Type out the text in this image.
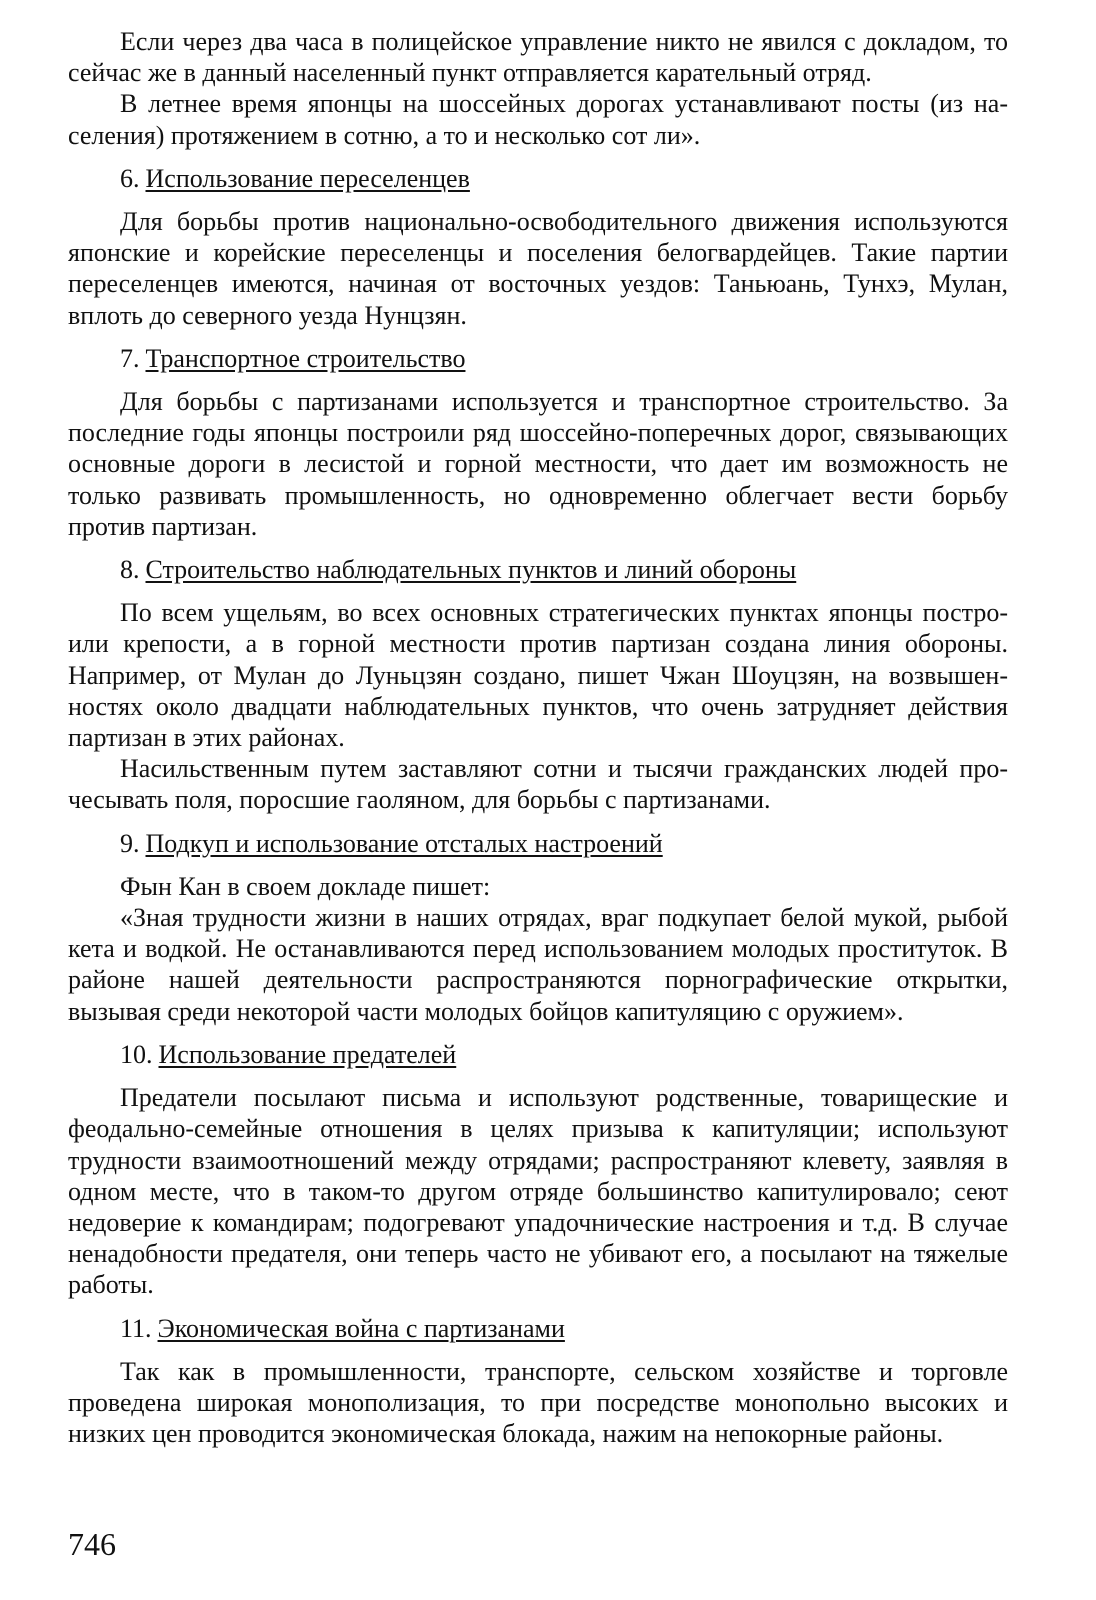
Если через два часа в полицейское управление никто не явился с докладом, то сейчас же в данный населенный пункт отправляется карательный отряд.

В летнее время японцы на шоссейных дорогах устанавливают посты (из населения) протяжением в сотню, а то и несколько сот ли».

6. Использование переселенцев

Для борьбы против национально-освободительного движения используются японские и корейские переселенцы и поселения белогвардейцев. Такие партии переселенцев имеются, начиная от восточных уездов: Таньюань, Тунхэ, Мулан, вплоть до северного уезда Нунцзян.

7. Транспортное строительство

Для борьбы с партизанами используется и транспортное строительство. За последние годы японцы построили ряд шоссейно-поперечных дорог, связывающих основные дороги в лесистой и горной местности, что дает им возможность не только развивать промышленность, но одновременно облегчает вести борьбу против партизан.

8. Строительство наблюдательных пунктов и линий обороны

По всем ущельям, во всех основных стратегических пунктах японцы построили крепости, а в горной местности против партизан создана линия обороны. Например, от Мулан до Луньцзян создано, пишет Чжан Шоуцзян, на возвышенностях около двадцати наблюдательных пунктов, что очень затрудняет действия партизан в этих районах.

Насильственным путем заставляют сотни и тысячи гражданских людей прочесывать поля, поросшие гаоляном, для борьбы с партизанами.

9. Подкуп и использование отсталых настроений

Фын Кан в своем докладе пишет:

«Зная трудности жизни в наших отрядах, враг подкупает белой мукой, рыбой кета и водкой. Не останавливаются перед использованием молодых проституток. В районе нашей деятельности распространяются порнографические открытки, вызывая среди некоторой части молодых бойцов капитуляцию с оружием».

10. Использование предателей

Предатели посылают письма и используют родственные, товарищеские и феодально-семейные отношения в целях призыва к капитуляции; используют трудности взаимоотношений между отрядами; распространяют клевету, заявляя в одном месте, что в таком-то другом отряде большинство капитулировало; сеют недоверие к командирам; подогревают упадочнические настроения и т.д. В случае ненадобности предателя, они теперь часто не убивают его, а посылают на тяжелые работы.

11. Экономическая война с партизанами

Так как в промышленности, транспорте, сельском хозяйстве и торговле проведена широкая монополизация, то при посредстве монопольно высоких и низких цен проводится экономическая блокада, нажим на непокорные районы.

746
